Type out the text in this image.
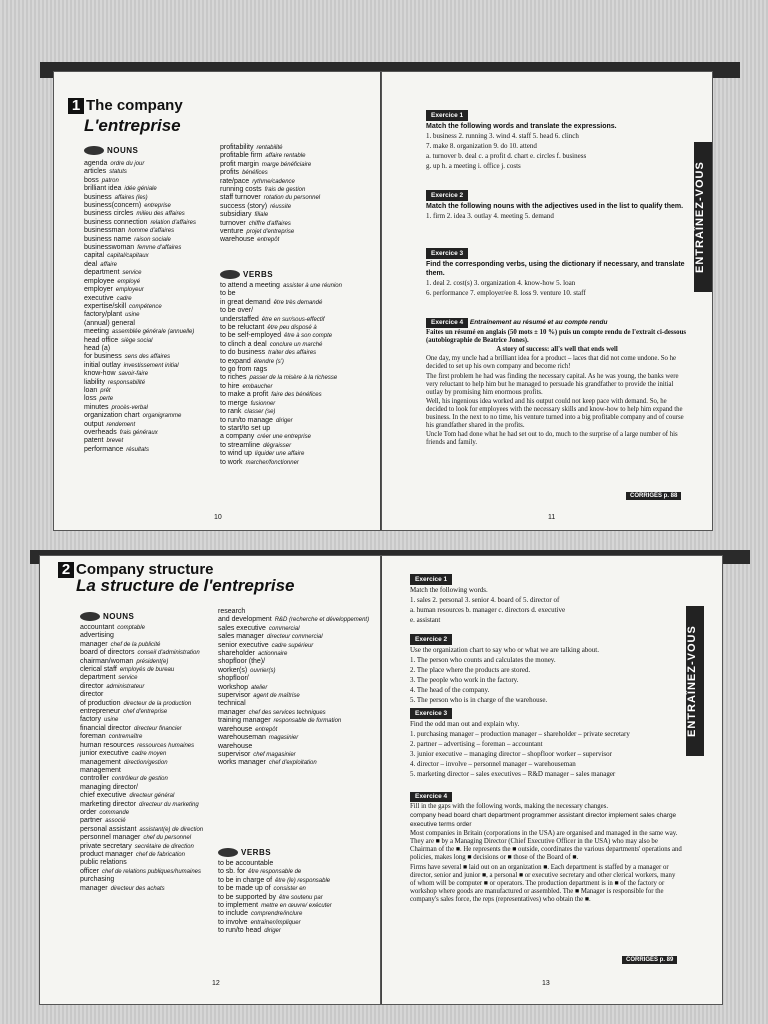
1 The company
L'entreprise
NOUNS
agenda ordre du jour
articles statuts
boss patron
brilliant idea idée géniale
business affaires (les)
business(concern) entreprise
business circles milieu des affaires
business connection relation d'affaires
businessman homme d'affaires
business name raison sociale
businesswoman femme d'affaires
capital capital/capitaux
deal affaire
department service
employee employé
employer employeur
executive cadre
expertise/skill compétence
factory/plant usine
(annual) general
meeting assemblée générale (annuelle)
head office siège social
head (a)
for business sens des affaires
initial outlay investissement initial
know-how savoir-faire
liability responsabilité
loan prêt
loss perte
minutes procès-verbal
organization chart organigramme
output rendement
overheads frais généraux
patent brevet
performance résultats
profitability rentabilité
profitable firm affaire rentable
profit margin marge bénéficiaire
profits bénéfices
rate/pace rythme/cadence
running costs frais de gestion
staff turnover rotation du personnel
success (story) réussite
subsidiary filiale
turnover chiffre d'affaires
venture projet d'entreprise
warehouse entrepôt
VERBS
to attend a meeting assister à une réunion
to be
in great demand être très demandé
to be over/
understaffed être en sur/sous-effectif
to be reluctant être peu disposé à
to be self-employed être à son compte
to clinch a deal conclure un marché
to do business traiter des affaires
to expand étendre (s')
to go from rags
to riches passer de la misère à la richesse
to hire embaucher
to make a profit faire des bénéfices
to merge fusionner
to rank classer (se)
to run/to manage diriger
to start/to set up
a company créer une entreprise
to streamline dégraisser
to wind up liquider une affaire
to work marcher/fonctionner
10
Exercice 1

Match the following words and translate the expressions.

1. business 2. running 3. wind 4. staff 5. head 6. clinch

7. make 8. organization 9. do 10. attend

a. turnover b. deal c. a profit d. chart e. circles f. business

g. up h. a meeting i. office j. costs

Exercice 2

Match the following nouns with the adjectives used in the list to qualify them.

1. firm 2. idea 3. outlay 4. meeting 5. demand

Exercice 3

Find the corresponding verbs, using the dictionary if necessary, and translate them.

1. deal 2. cost(s) 3. organization 4. know-how 5. loan

6. performance 7. employer/ee 8. loss 9. venture 10. staff

Exercice 4 Entraînement au résumé et au compte rendu

Faites un résumé en anglais (50 mots ± 10 %) puis un compte rendu de l'extrait ci-dessous (autobiographie de Beatrice Jones).

A story of success: all's well that ends well

One day, my uncle had a brilliant idea for a product – laces that did not come undone. So he decided to set up his own company and become rich!

The first problem he had was finding the necessary capital. As he was young, the banks were very reluctant to help him but he managed to persuade his grandfather to provide the initial outlay by promising him enormous profits.

Well, his ingenious idea worked and his output could not keep pace with demand. So, he decided to look for employees with the necessary skills and know-how to help him expand the business. In the next to no time, his venture turned into a big profitable company and of course his grandfather shared in the profits.

Uncle Tom had done what he had set out to do, much to the surprise of a large number of his friends and family.

CORRIGÉS p. 88
ENTRAÎNEZ-VOUS
11
2 Company structure
La structure de l'entreprise
NOUNS
accountant comptable
advertising
manager chef de la publicité
board of directors conseil d'administration
chairman/woman président(e)
clerical staff employés de bureau
department service
director administrateur
director
of production directeur de la production
entrepreneur chef d'entreprise
factory usine
financial director directeur financier
foreman contremaître
human resources ressources humaines
junior executive cadre moyen
management direction/gestion
management
controller contrôleur de gestion
managing director/
chief executive directeur général
marketing director directeur du marketing
order commande
partner associé
personal assistant assistant(e) de direction
personnel manager chef du personnel
private secretary secrétaire de direction
product manager chef de fabrication
public relations
officer chef de relations publiques/humaines
purchasing
manager directeur des achats
research
and development R&D (recherche et développement)
sales executive commercial
sales manager directeur commercial
senior executive cadre supérieur
shareholder actionnaire
shopfloor (the)/
worker(s) ouvrier(s)
shopfloor/
workshop atelier
supervisor agent de maîtrise
technical
manager chef des services techniques
training manager responsable de formation
warehouse entrepôt
warehouseman magasinier
warehouse
supervisor chef magasinier
works manager chef d'exploitation
VERBS
to be accountable
to sb. for être responsable de
to be in charge of être (le) responsable
to be made up of consister en
to be supported by être soutenu par
to implement mettre en œuvre/ exécuter
to include comprendre/inclure
to involve entraîner/impliquer
to run/to head diriger
12
Exercice 1

Match the following words.

1. sales 2. personal 3. senior 4. board of 5. director of

a. human resources b. manager c. directors d. executive

e. assistant

Exercice 2

Use the organization chart to say who or what we are talking about.

1. The person who counts and calculates the money.

2. The place where the products are stored.

3. The people who work in the factory.

4. The head of the company.

5. The person who is in charge of the warehouse.

Exercice 3

Find the odd man out and explain why.

1. purchasing manager – production manager – shareholder – private secretary

2. partner – advertising – foreman – accountant

3. junior executive – managing director – shopfloor worker – supervisor

4. director – involve – personnel manager – warehouseman

5. marketing director – sales executives – R&D manager – sales manager

Exercice 4

Fill in the gaps with the following words, making the necessary changes.

company head board chart department programmer assistant director implement sales charge executive terms order

Most companies in Britain (corporations in the USA) are organised and managed in the same way. They are ■ by a Managing Director (Chief Executive Officer in the USA) who may also be Chairman of the ■. He represents the ■ outside, coordinates the various departments' operations and policies, makes long ■ decisions or ■ those of the Board of ■.

Firms have several ■ laid out on an organization ■. Each department is staffed by a manager or director, senior and junior ■, a personal ■ or executive secretary and other clerical workers, many of whom will be computer ■ or operators. The production department is in ■ of the factory or workshop where goods are manufactured or assembled. The ■ Manager is responsible for the company's sales force, the reps (representatives) who obtain the ■.

CORRIGÉS p. 89
ENTRAÎNEZ-VOUS
13
